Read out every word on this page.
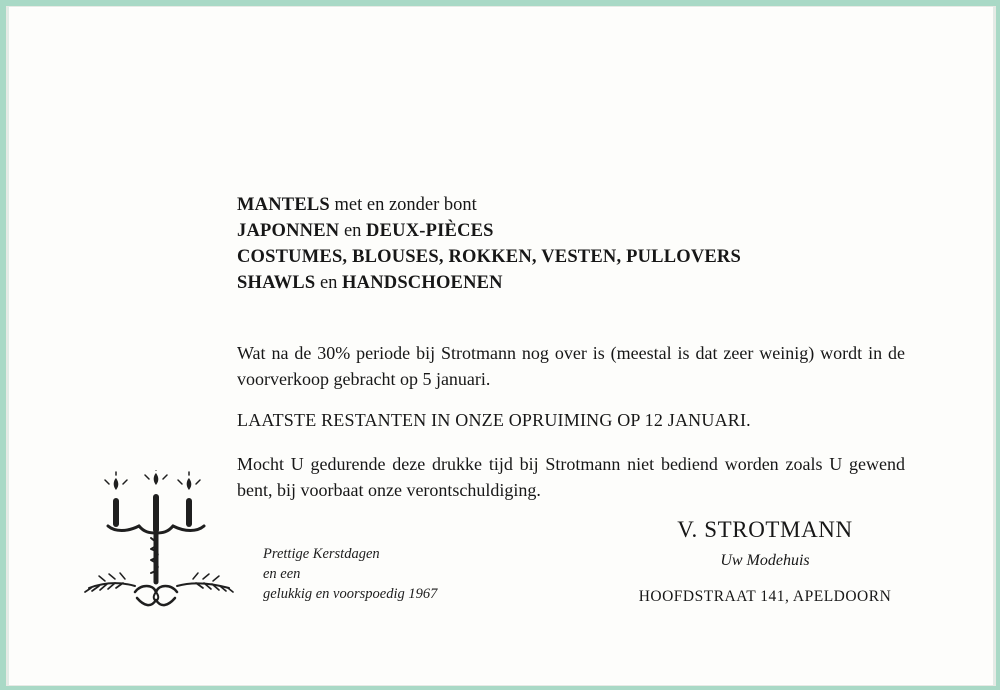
MANTELS met en zonder bont
JAPONNEN en DEUX-PIÈCES
COSTUMES, BLOUSES, ROKKEN, VESTEN, PULLOVERS
SHAWLS en HANDSCHOENEN

Wat na de 30% periode bij Strotmann nog over is (meestal is dat zeer weinig) wordt in de voorverkoop gebracht op 5 januari.

LAATSTE RESTANTEN IN ONZE OPRUIMING OP 12 JANUARI.

Mocht U gedurende deze drukke tijd bij Strotmann niet bediend worden zoals U gewend bent, bij voorbaat onze verontschuldiging.

Prettige Kerstdagen
en een
gelukkig en voorspoedig 1967
V. STROTMANN
Uw Modehuis
HOOFDSTRAAT 141, APELDOORN
